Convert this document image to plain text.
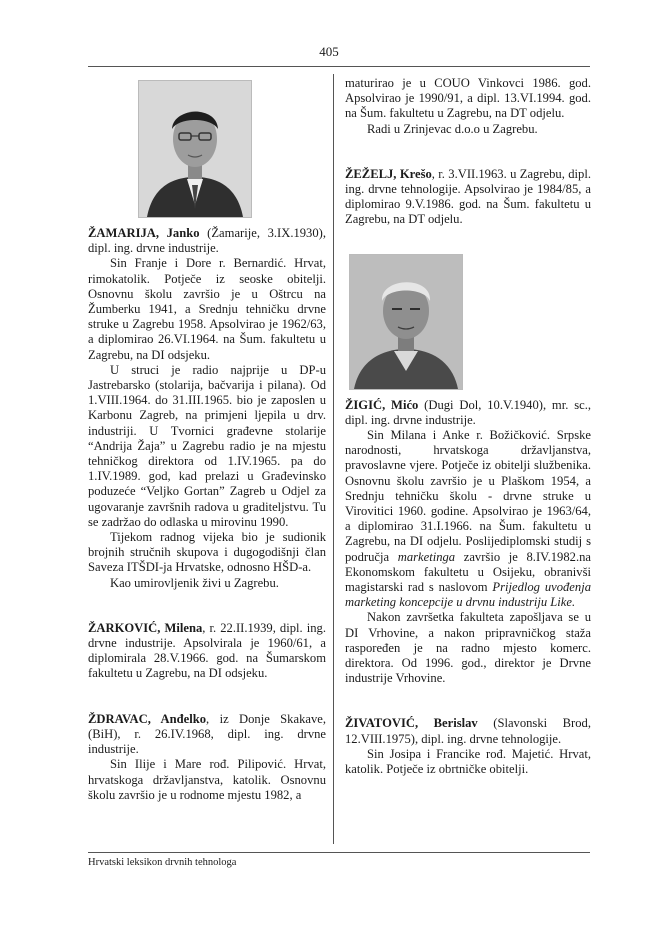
405

ŽAMARIJA, Janko (Žamarije, 3.IX.1930), dipl. ing. drvne industrije.

Sin Franje i Dore r. Bernardić. Hrvat, rimokatolik. Potječe iz seoske obitelji. Osnovnu školu završio je u Oštrcu na Žumberku 1941, a Srednju tehničku drvne struke u Zagrebu 1958. Apsolvirao je 1962/63, a diplomirao 26.VI.1964. na Šum. fakultetu u Zagrebu, na DI odsjeku.

U struci je radio najprije u DP-u Jastrebarsko (stolarija, bačvarija i pilana). Od 1.VIII.1964. do 31.III.1965. bio je zaposlen u Karbonu Zagreb, na primjeni ljepila u drv. industriji. U Tvornici građevne stolarije “Andrija Žaja” u Zagrebu radio je na mjestu tehničkog direktora od 1.IV.1965. pa do 1.IV.1989. god, kad prelazi u Građevinsko poduzeće “Veljko Gortan” Zagreb u Odjel za ugovaranje završnih radova u graditeljstvu. Tu se zadržao do odlaska u mirovinu 1990.

Tijekom radnog vijeka bio je sudionik brojnih stručnih skupova i dugogodišnji član Saveza ITŠDI-ja Hrvatske, odnosno HŠD-a.

Kao umirovljenik živi u Zagrebu.

ŽARKOVIĆ, Milena, r. 22.II.1939, dipl. ing. drvne industrije. Apsolvirala je 1960/61, a diplomirala 28.V.1966. god. na Šumarskom fakultetu u Zagrebu, na DI odsjeku.

ŽDRAVAC, Anđelko, iz Donje Skakave, (BiH), r. 26.IV.1968, dipl. ing. drvne industrije.

Sin Ilije i Mare rođ. Pilipović. Hrvat, hrvatskoga državljanstva, katolik. Osnovnu školu završio je u rodnome mjestu 1982, a

maturirao je u COUO Vinkovci 1986. god. Apsolvirao je 1990/91, a dipl. 13.VI.1994. god. na Šum. fakultetu u Zagrebu, na DT odjelu.

Radi u Zrinjevac d.o.o u Zagrebu.

ŽEŽELJ, Krešo, r. 3.VII.1963. u Zagrebu, dipl. ing. drvne tehnologije. Apsolvirao je 1984/85, a diplomirao 9.V.1986. god. na Šum. fakultetu u Zagrebu, na DT odjelu.

ŽIGIĆ, Mićo (Dugi Dol, 10.V.1940), mr. sc., dipl. ing. drvne industrije.

Sin Milana i Anke r. Božičković. Srpske narodnosti, hrvatskoga državljanstva, pravoslavne vjere. Potječe iz obitelji službenika. Osnovnu školu završio je u Plaškom 1954, a Srednju tehničku školu - drvne struke u Virovitici 1960. godine. Apsolvirao je 1963/64, a diplomirao 31.I.1966. na Šum. fakultetu u Zagrebu, na DI odjelu. Poslijediplomski studij s područja marketinga završio je 8.IV.1982.na Ekonomskom fakultetu u Osijeku, obranivši magistarski rad s naslovom Prijedlog uvođenja marketing koncepcije u drvnu industriju Like.

Nakon završetka fakulteta zapošljava se u DI Vrhovine, a nakon pripravničkog staža raspoređen je na radno mjesto komerc. direktora. Od 1996. god., direktor je Drvne industrije Vrhovine.

ŽIVATOVIĆ, Berislav (Slavonski Brod, 12.VIII.1975), dipl. ing. drvne tehnologije.

Sin Josipa i Francike rođ. Majetić. Hrvat, katolik. Potječe iz obrtničke obitelji.

Hrvatski leksikon drvnih tehnologa
